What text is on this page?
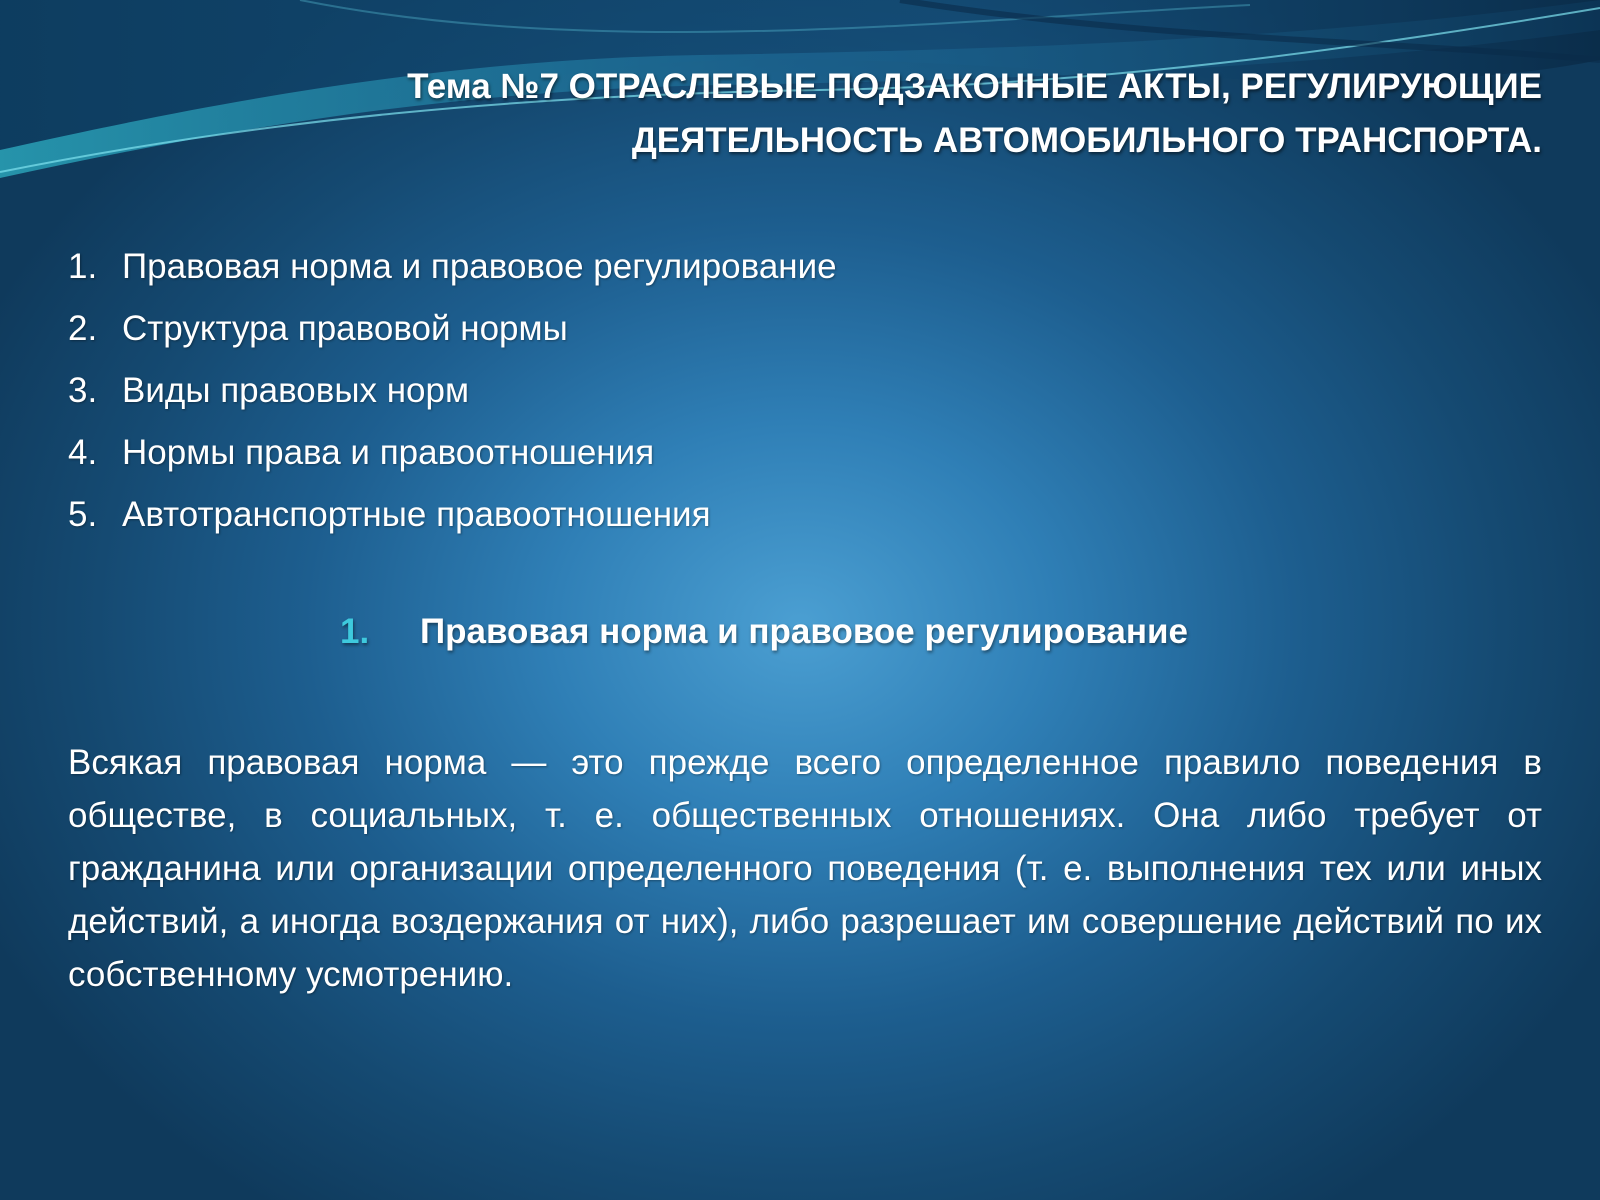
Тема №7 ОТРАСЛЕВЫЕ ПОДЗАКОННЫЕ АКТЫ, РЕГУЛИРУЮЩИЕ
ДЕЯТЕЛЬНОСТЬ АВТОМОБИЛЬНОГО ТРАНСПОРТА.
1. Правовая норма и правовое регулирование
2. Структура правовой нормы
3. Виды правовых норм
4. Нормы права и правоотношения
5. Автотранспортные правоотношения
1. Правовая норма и правовое регулирование
Всякая правовая норма — это прежде всего определенное правило поведения в обществе, в социальных, т. е. общественных отношениях. Она либо требует от гражданина или организации определенного поведения (т. е. выполнения тех или иных действий, а иногда воздержания от них), либо разрешает им совершение действий по их собственному усмотрению.
